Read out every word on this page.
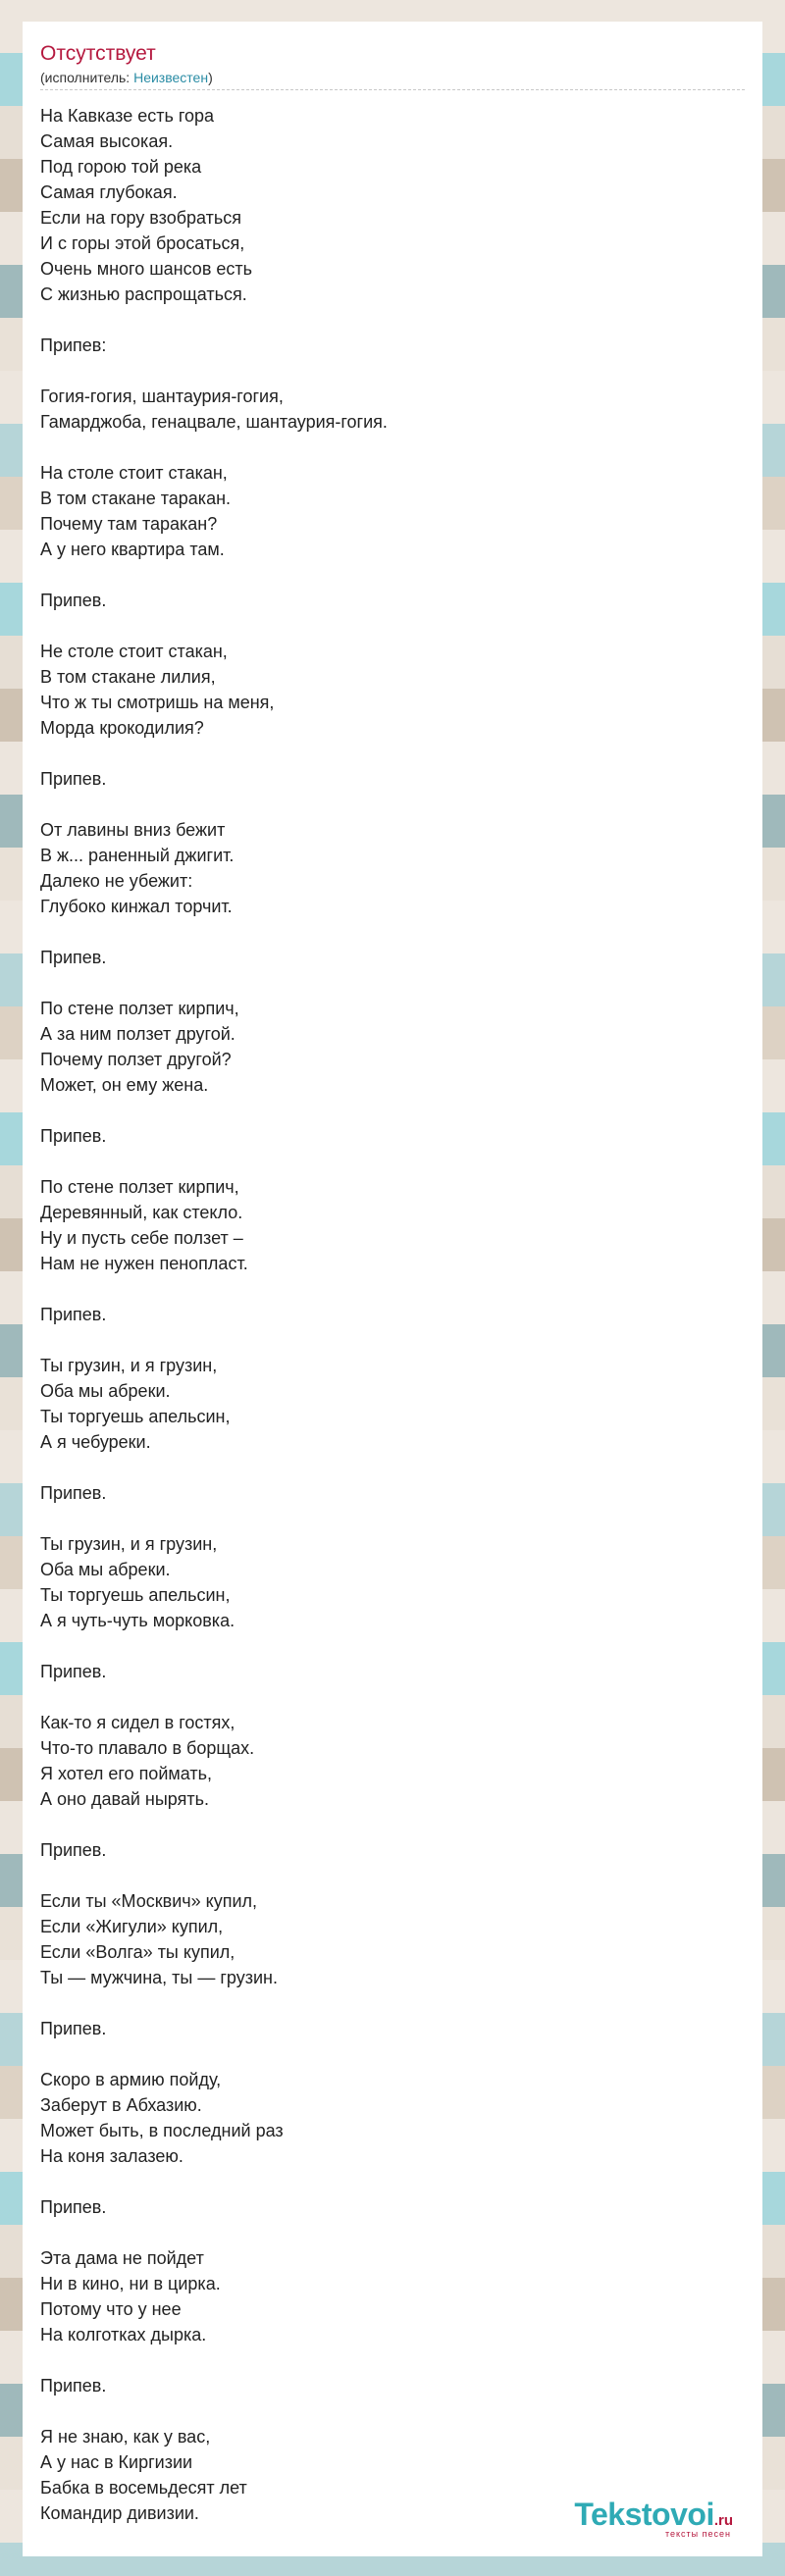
Отсутствует
(исполнитель: Неизвестен)
На Кавказе есть гора
Самая высокая.
Под горою той река
Самая глубокая.
Если на гору взобраться
И с горы этой бросаться,
Очень много шансов есть
С жизнью распрощаться.
Припев:
Гогия-гогия, шантаурия-гогия,
Гамарджоба, генацвале, шантаурия-гогия.
На столе стоит стакан,
В том стакане таракан.
Почему там таракан?
А у него квартира там.
Припев.
Не столе стоит стакан,
В том стакане лилия,
Что ж ты смотришь на меня,
Морда крокодилия?
Припев.
От лавины вниз бежит
В ж... раненный джигит.
Далеко не убежит:
Глубоко кинжал торчит.
Припев.
По стене ползет кирпич,
А за ним ползет другой.
Почему ползет другой?
Может, он ему жена.
Припев.
По стене ползет кирпич,
Деревянный, как стекло.
Ну и пусть себе ползет –
Нам не нужен пенопласт.
Припев.
Ты грузин, и я грузин,
Оба мы абреки.
Ты торгуешь апельсин,
А я чебуреки.
Припев.
Ты грузин, и я грузин,
Оба мы абреки.
Ты торгуешь апельсин,
А я чуть-чуть морковка.
Припев.
Как-то я сидел в гостях,
Что-то плавало в борщах.
Я хотел его поймать,
А оно давай нырять.
Припев.
Если ты «Москвич» купил,
Если «Жигули» купил,
Если «Волга» ты купил,
Ты — мужчина, ты — грузин.
Припев.
Скоро в армию пойду,
Заберут в Абхазию.
Может быть, в последний раз
На коня залазею.
Припев.
Эта дама не пойдет
Ни в кино, ни в цирка.
Потому что у нее
На колготках дырка.
Припев.
Я не знаю, как у вас,
А у нас в Киргизии
Бабка в восемьдесят лет
Командир дивизии.	Tekstovoi.ru
тексты песен
